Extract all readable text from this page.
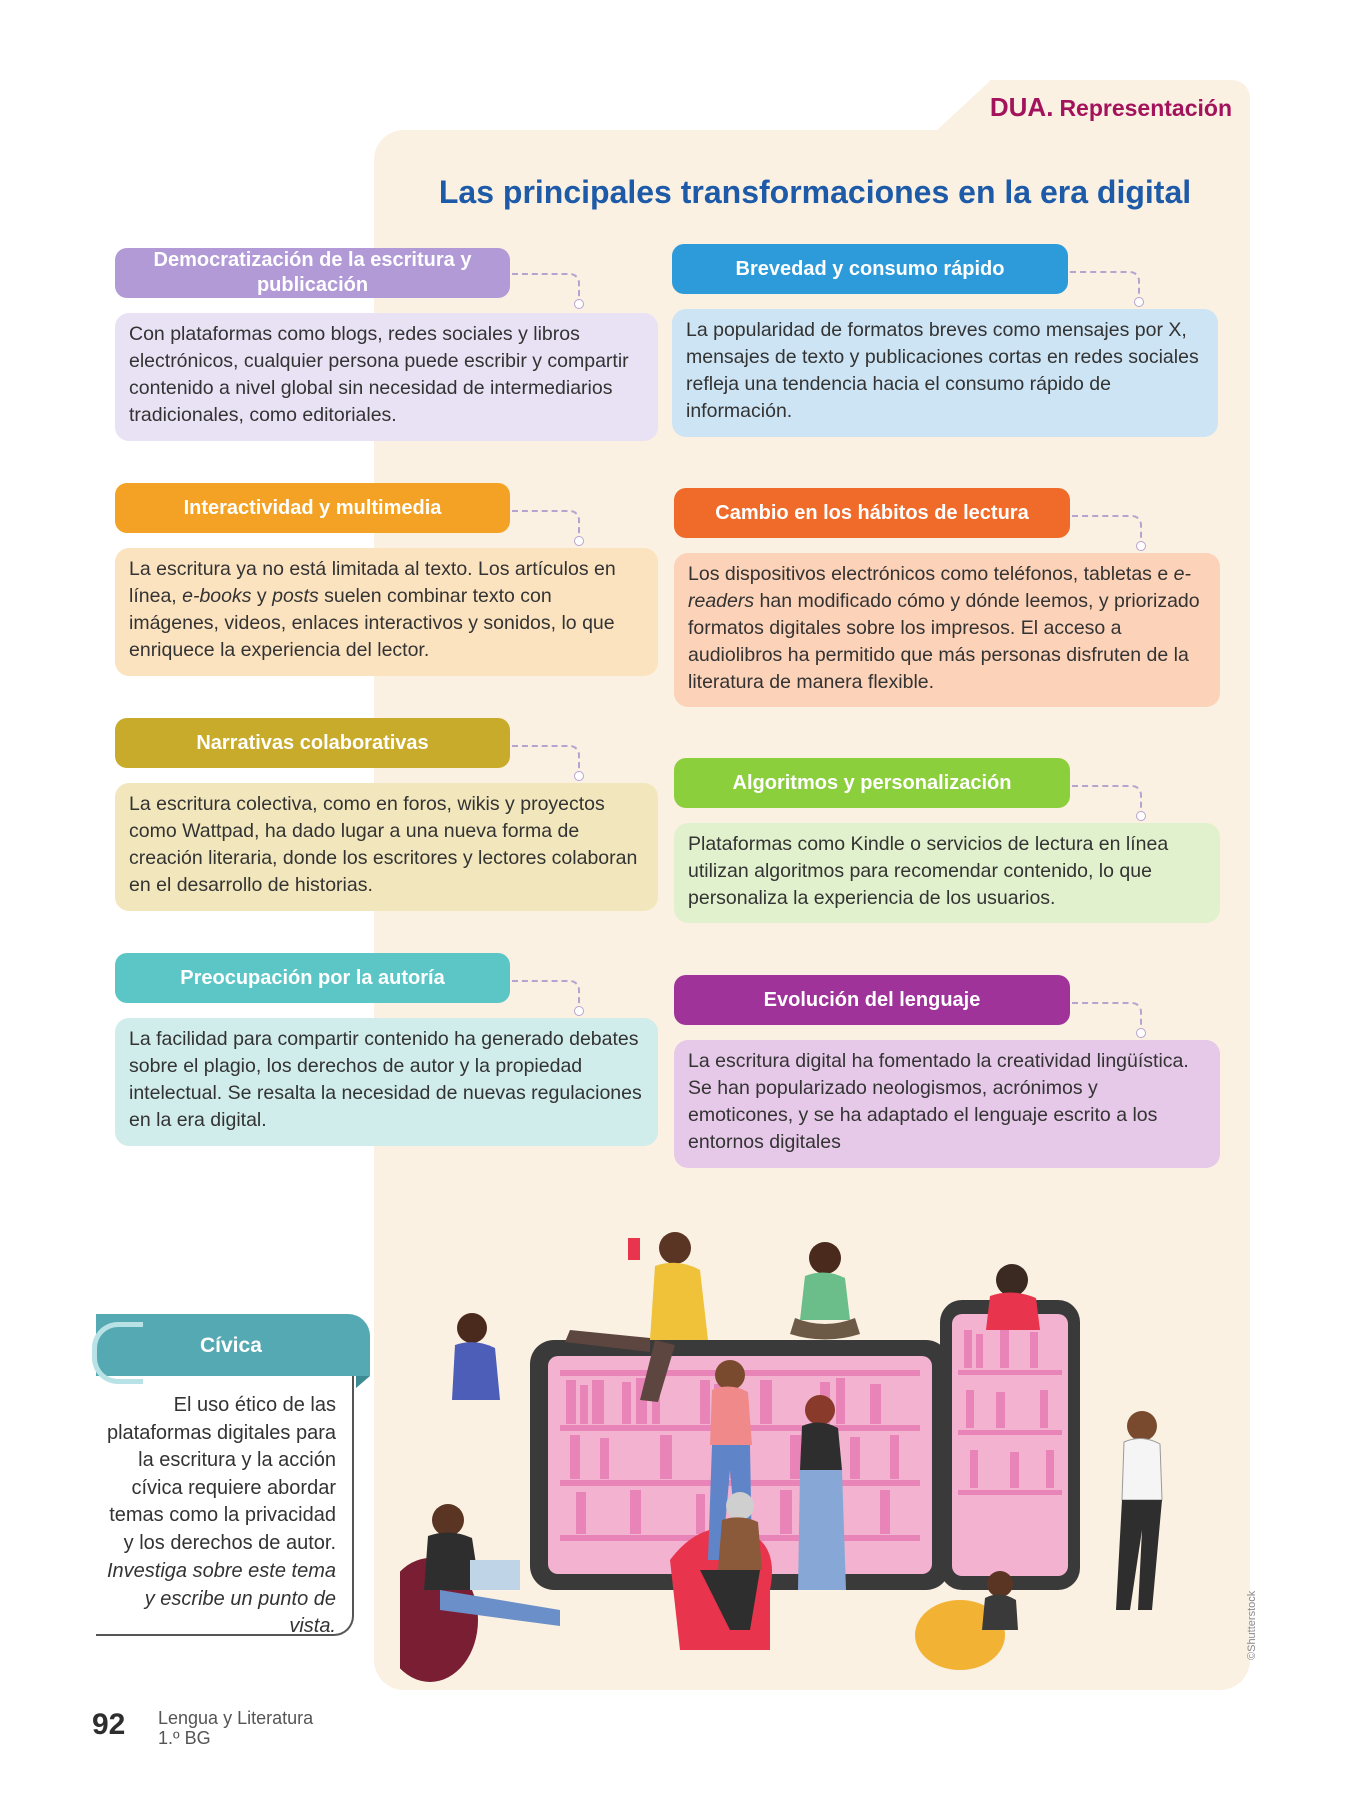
DUA. Representación
Las principales transformaciones en la era digital
Democratización de la escritura y publicación
Con plataformas como blogs, redes sociales y libros electrónicos, cualquier persona puede escribir y compartir contenido a nivel global sin necesidad de intermediarios tradicionales, como editoriales.
Brevedad y consumo rápido
La popularidad de formatos breves como mensajes por X, mensajes de texto y publicaciones cortas en redes sociales refleja una tendencia hacia el consumo rápido de información.
Interactividad y multimedia
La escritura ya no está limitada al texto. Los artículos en línea, e-books y posts suelen combinar texto con imágenes, videos, enlaces interactivos y sonidos, lo que enriquece la experiencia del lector.
Cambio en los hábitos de lectura
Los dispositivos electrónicos como teléfonos, tabletas e e-readers han modificado cómo y dónde leemos, y priorizado formatos digitales sobre los impresos. El acceso a audiolibros ha permitido que más personas disfruten de la literatura de manera flexible.
Narrativas colaborativas
La escritura colectiva, como en foros, wikis y proyectos como Wattpad, ha dado lugar a una nueva forma de creación literaria, donde los escritores y lectores colaboran en el desarrollo de historias.
Algoritmos y personalización
Plataformas como Kindle o servicios de lectura en línea utilizan algoritmos para recomendar contenido, lo que personaliza la experiencia de los usuarios.
Preocupación por la autoría
La facilidad para compartir contenido ha generado debates sobre el plagio, los derechos de autor y la propiedad intelectual. Se resalta la necesidad de nuevas regulaciones en la era digital.
Evolución del lenguaje
La escritura digital ha fomentado la creatividad lingüística. Se han popularizado neologismos, acrónimos y emoticones, y se ha adaptado el lenguaje escrito a los entornos digitales
Cívica
El uso ético de las plataformas digitales para la escritura y la acción cívica requiere abordar temas como la privacidad y los derechos de autor.
Investiga sobre este tema y escribe un punto de vista.
92 Lengua y Literatura
1.º BG
©Shutterstock
